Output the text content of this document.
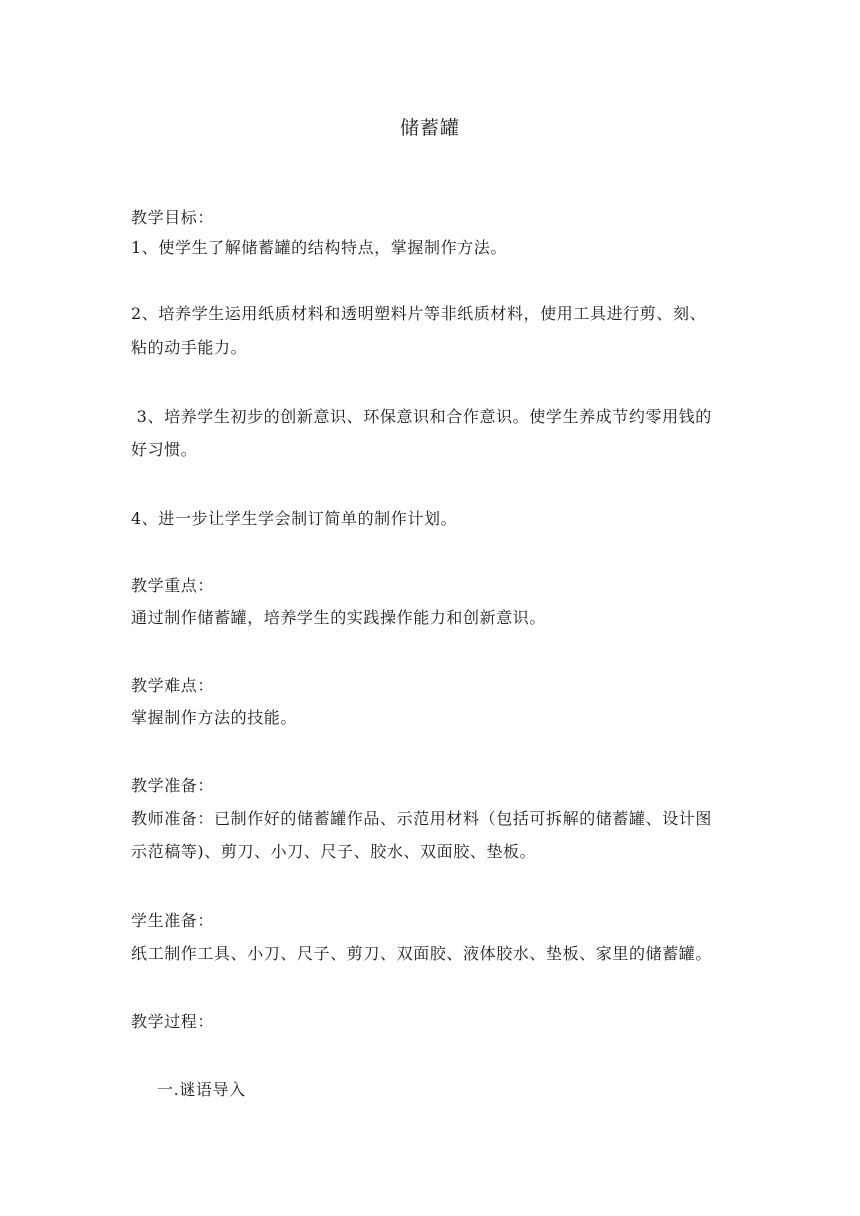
储蓄罐
教学目标：
1、使学生了解储蓄罐的结构特点，掌握制作方法。
2、培养学生运用纸质材料和透明塑料片等非纸质材料，使用工具进行剪、刻、
粘的动手能力。
3、培养学生初步的创新意识、环保意识和合作意识。使学生养成节约零用钱的
好习惯。
4、进一步让学生学会制订简单的制作计划。
教学重点：
通过制作储蓄罐，培养学生的实践操作能力和创新意识。
教学难点：
掌握制作方法的技能。
教学准备：
教师准备：已制作好的储蓄罐作品、示范用材料（包括可拆解的储蓄罐、设计图
示范稿等)、剪刀、小刀、尺子、胶水、双面胶、垫板。
学生准备：
纸工制作工具、小刀、尺子、剪刀、双面胶、液体胶水、垫板、家里的储蓄罐。
教学过程：
一.谜语导入
